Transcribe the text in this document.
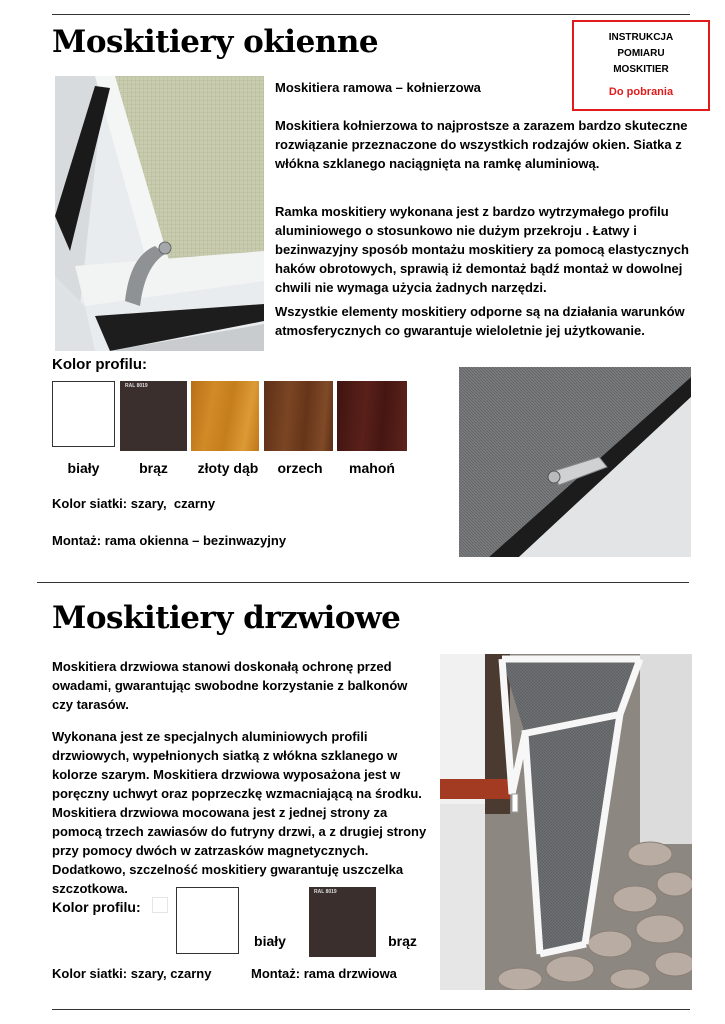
Moskitiery okienne	INSTRUKCJA
POMIARU
MOSKITIER
Do pobrania
Moskitiera ramowa – kołnierzowa
Moskitiera kołnierzowa to najprostsze a zarazem bardzo skuteczne rozwiązanie przeznaczone do wszystkich rodzajów okien. Siatka z włókna szklanego naciągnięta na ramkę aluminiową.
Ramka moskitiery wykonana jest z bardzo wytrzymałego profilu aluminiowego o stosunkowo nie dużym przekroju . Łatwy i bezinwazyjny sposób montażu moskitiery za pomocą elastycznych haków obrotowych, sprawią iż demontaż bądź montaż w dowolnej chwili nie wymaga użycia żadnych narzędzi.
Wszystkie elementy moskitiery odporne są na działania warunków atmosferycznych co gwarantuje wieloletnie jej użytkowanie.
Kolor profilu:
RAL 8019
biały	brąz	złoty dąb	orzech	mahoń
Kolor siatki: szary,  czarny
Montaż: rama okienna – bezinwazyjny
Moskitiery drzwiowe
Moskitiera drzwiowa stanowi doskonałą ochronę przed owadami, gwarantując swobodne korzystanie z balkonów czy tarasów.
Wykonana jest ze specjalnych aluminiowych profili drzwiowych, wypełnionych siatką z włókna szklanego w kolorze szarym. Moskitiera drzwiowa wyposażona jest w poręczny uchwyt oraz poprzeczkę wzmacniającą na środku. Moskitiera drzwiowa mocowana jest z jednej strony za pomocą trzech zawiasów do futryny drzwi, a z drugiej strony przy pomocy dwóch w zatrzasków magnetycznych. Dodatkowo, szczelność moskitiery gwarantuję uszczelka szczotkowa.
Kolor profilu:
RAL 8019
biały	brąz
Kolor siatki: szary, czarny	Montaż: rama drzwiowa
